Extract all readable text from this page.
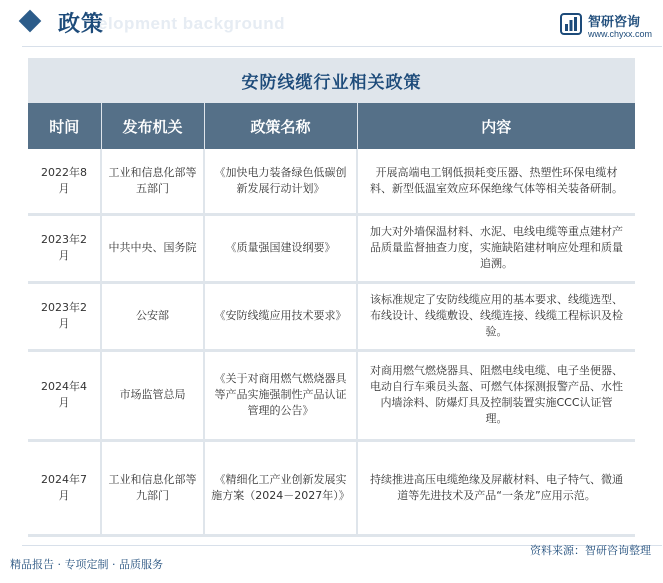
elopment background
政策	智研咨询
www.chyxx.com
安防线缆行业相关政策
时间	发布机关	政策名称	内容
2022年8月	工业和信息化部等五部门	《加快电力装备绿色低碳创新发展行动计划》	开展高端电工钢低损耗变压器、热塑性环保电缆材料、新型低温室效应环保绝缘气体等相关装备研制。
2023年2月	中共中央、国务院	《质量强国建设纲要》	加大对外墙保温材料、水泥、电线电缆等重点建材产品质量监督抽查力度，实施缺陷建材响应处理和质量追溯。
2023年2月	公安部	《安防线缆应用技术要求》	该标准规定了安防线缆应用的基本要求、线缆选型、布线设计、线缆敷设、线缆连接、线缆工程标识及检验。
2024年4月	市场监管总局	《关于对商用燃气燃烧器具等产品实施强制性产品认证管理的公告》	对商用燃气燃烧器具、阻燃电线电缆、电子坐便器、电动自行车乘员头盔、可燃气体探测报警产品、水性内墙涂料、防爆灯具及控制装置实施CCC认证管理。
2024年7月	工业和信息化部等九部门	《精细化工产业创新发展实施方案（2024－2027年）》	持续推进高压电缆绝缘及屏蔽材料、电子特气、微通道等先进技术及产品“一条龙”应用示范。
精品报告 · 专项定制 · 品质服务
资料来源：智研咨询整理
